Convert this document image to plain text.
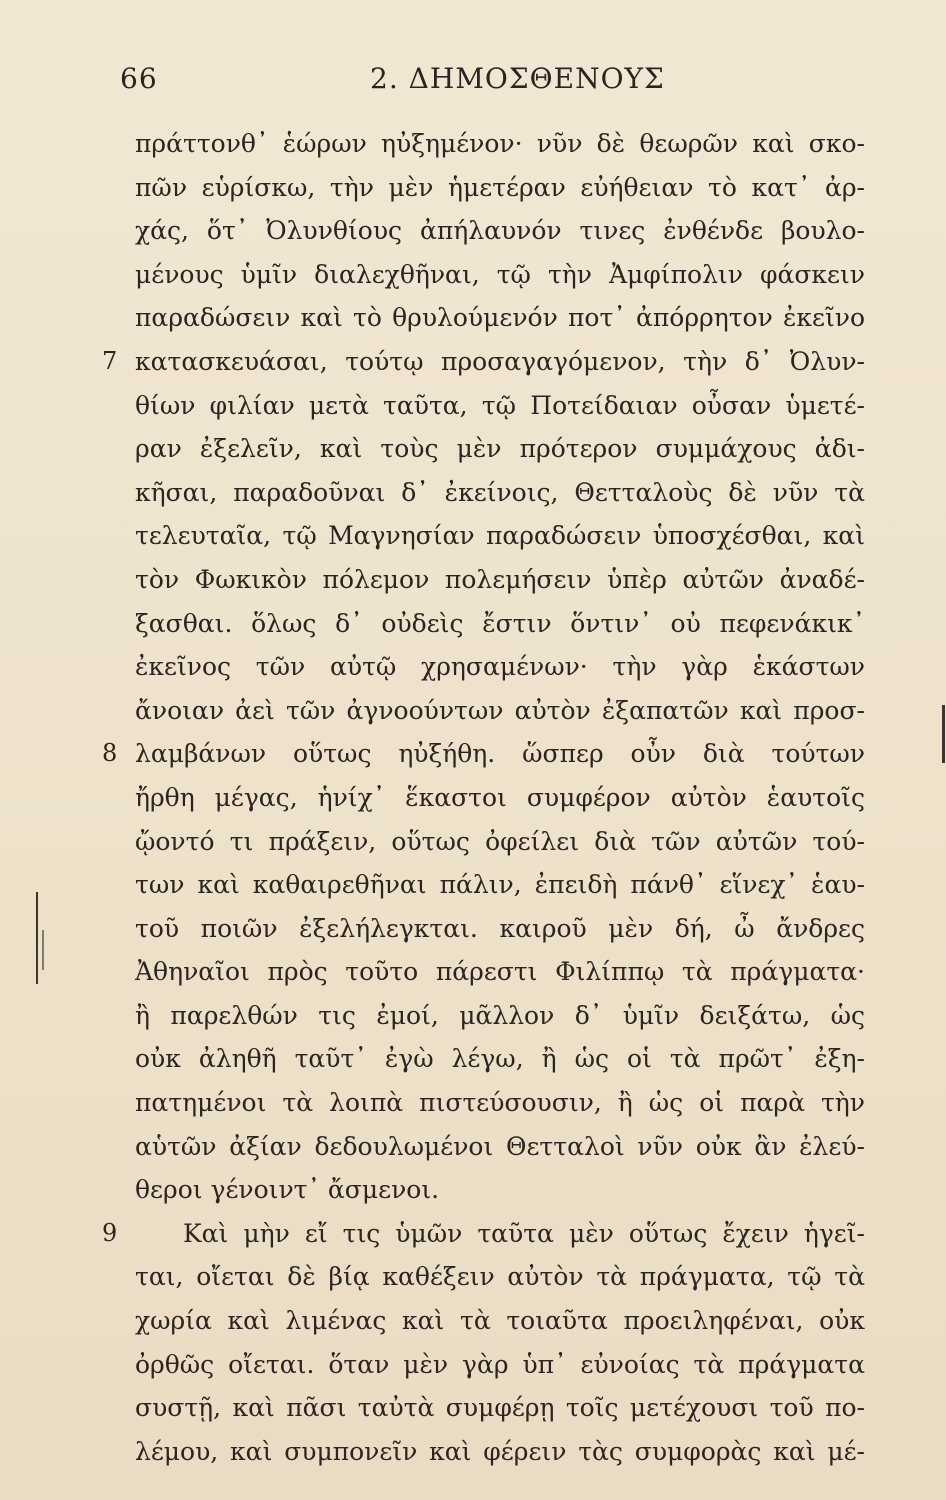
66	2. ΔΗΜΟΣΘΕΝΟΥΣ
πράττονθ᾽ ἑώρων ηὐξημένον· νῦν δὲ θεωρῶν καὶ σκο-
πῶν εὑρίσκω, τὴν μὲν ἡμετέραν εὐήθειαν τὸ κατ᾽ ἀρ-
χάς, ὅτ᾽ Ὀλυνθίους ἀπήλαυνόν τινες ἐνθένδε βουλο-
μένους ὑμῖν διαλεχθῆναι, τῷ τὴν Ἀμφίπολιν φάσκειν
παραδώσειν καὶ τὸ θρυλούμενόν ποτ᾽ ἀπόρρητον ἐκεῖνο
κατασκευάσαι, τούτῳ προσαγαγόμενον, τὴν δ᾽ Ὀλυν-
7
θίων φιλίαν μετὰ ταῦτα, τῷ Ποτείδαιαν οὖσαν ὑμετέ-
ραν ἐξελεῖν, καὶ τοὺς μὲν πρότερον συμμάχους ἀδι-
κῆσαι, παραδοῦναι δ᾽ ἐκείνοις, Θετταλοὺς δὲ νῦν τὰ
τελευταῖα, τῷ Μαγνησίαν παραδώσειν ὑποσχέσθαι, καὶ
τὸν Φωκικὸν πόλεμον πολεμήσειν ὑπὲρ αὐτῶν ἀναδέ-
ξασθαι. ὅλως δ᾽ οὐδεὶς ἔστιν ὅντιν᾽ οὐ πεφενάκικ᾽
ἐκεῖνος τῶν αὐτῷ χρησαμένων· τὴν γὰρ ἑκάστων
ἄνοιαν ἀεὶ τῶν ἀγνοούντων αὐτὸν ἐξαπατῶν καὶ προσ-
λαμβάνων οὕτως ηὐξήθη. ὥσπερ οὖν διὰ τούτων
8
ἤρθη μέγας, ἡνίχ᾽ ἕκαστοι συμφέρον αὐτὸν ἑαυτοῖς
ᾤοντό τι πράξειν, οὕτως ὀφείλει διὰ τῶν αὐτῶν τού-
των καὶ καθαιρεθῆναι πάλιν, ἐπειδὴ πάνθ᾽ εἵνεχ᾽ ἑαυ-
τοῦ ποιῶν ἐξελήλεγκται. καιροῦ μὲν δή, ὦ ἄνδρες
Ἀθηναῖοι πρὸς τοῦτο πάρεστι Φιλίππῳ τὰ πράγματα·
ἢ παρελθών τις ἐμοί, μᾶλλον δ᾽ ὑμῖν δειξάτω, ὡς
οὐκ ἀληθῆ ταῦτ᾽ ἐγὼ λέγω, ἢ ὡς οἱ τὰ πρῶτ᾽ ἐξη-
πατημένοι τὰ λοιπὰ πιστεύσουσιν, ἢ ὡς οἱ παρὰ τὴν
αὑτῶν ἀξίαν δεδουλωμένοι Θετταλοὶ νῦν οὐκ ἂν ἐλεύ-
θεροι γένοιντ᾽ ἄσμενοι.
Καὶ μὴν εἴ τις ὑμῶν ταῦτα μὲν οὕτως ἔχειν ἡγεῖ-
9
ται, οἴεται δὲ βίᾳ καθέξειν αὐτὸν τὰ πράγματα, τῷ τὰ
χωρία καὶ λιμένας καὶ τὰ τοιαῦτα προειληφέναι, οὐκ
ὀρθῶς οἴεται. ὅταν μὲν γὰρ ὑπ᾽ εὐνοίας τὰ πράγματα
συστῇ, καὶ πᾶσι ταὐτὰ συμφέρῃ τοῖς μετέχουσι τοῦ πο-
λέμου, καὶ συμπονεῖν καὶ φέρειν τὰς συμφορὰς καὶ μέ-
